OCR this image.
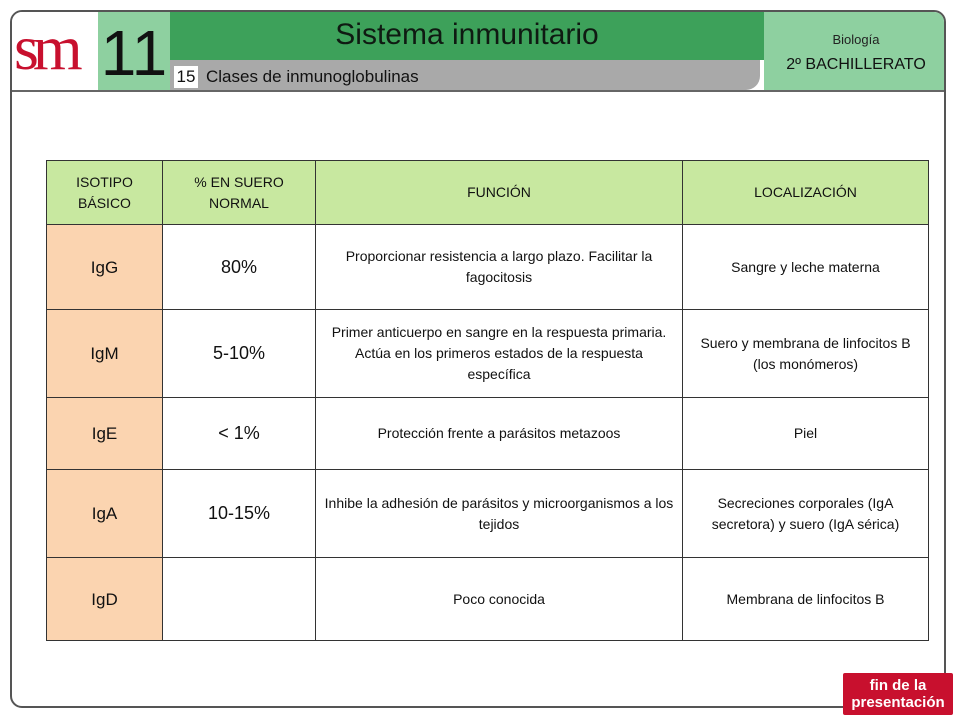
sm 11	Sistema inmunitario
15 Clases de inmunoglobulinas
Biología
2º BACHILLERATO
ISOTIPO BÁSICO	% EN SUERO NORMAL	FUNCIÓN	LOCALIZACIÓN
IgG	80%	Proporcionar resistencia a largo plazo. Facilitar la fagocitosis	Sangre y leche materna
IgM	5-10%	Primer anticuerpo en sangre en la respuesta primaria. Actúa en los primeros estados de la respuesta específica	Suero y membrana de linfocitos B (los monómeros)
IgE	< 1%	Protección frente a parásitos metazoos	Piel
IgA	10-15%	Inhibe la adhesión de parásitos y microorganismos a los tejidos	Secreciones corporales (IgA secretora) y suero (IgA sérica)
IgD		Poco conocida	Membrana de linfocitos B
fin de la
presentación
